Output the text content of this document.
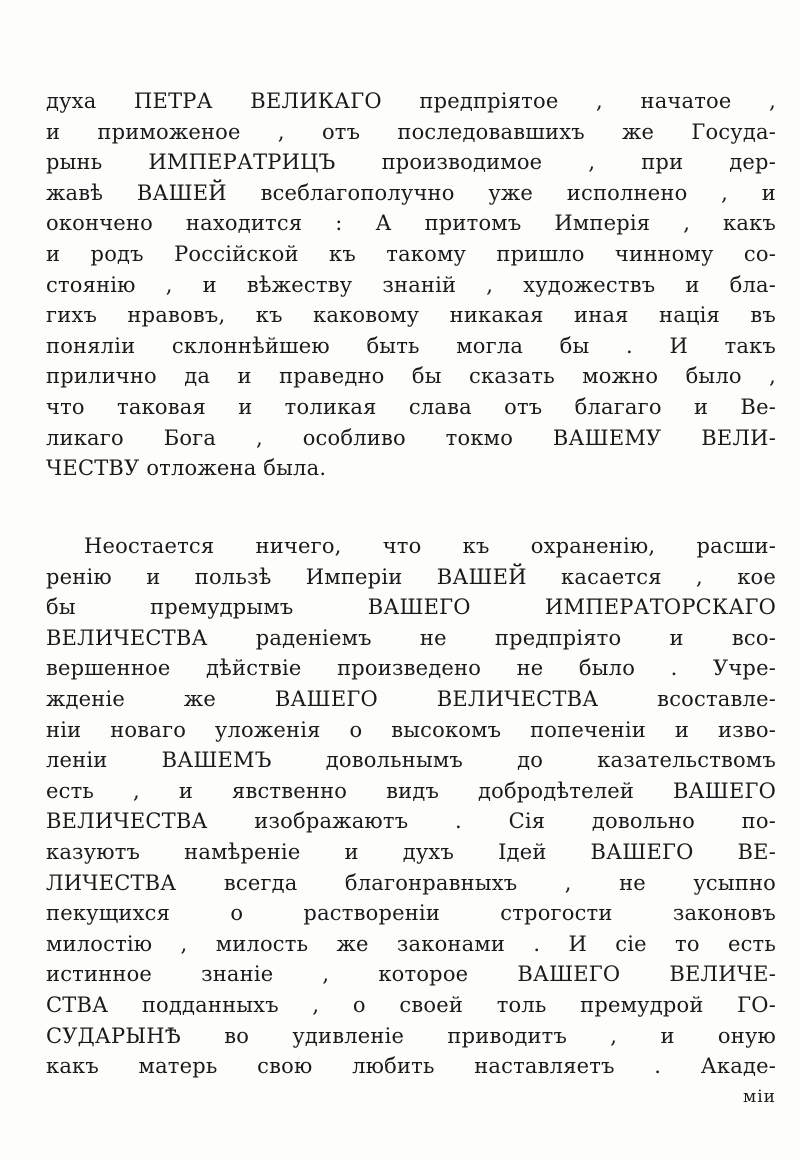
духа ПЕТРА ВЕЛИКАГО предпріятое , начатое ,
и приможеное , отъ последовавшихъ же Госуда-
рынь ИМПЕРАТРИЦЪ производимое , при дер-
жавѣ ВАШЕЙ всеблагополучно уже исполнено , и
окончено находится : А притомъ Имперія , какъ
и родъ Россійской къ такому пришло чинному со-
стоянію , и вѣжеству знаній , художествъ и бла-
гихъ нравовъ, къ каковому никакая иная нація въ
поняліи склоннѣйшею быть могла бы . И такъ
прилично да и праведно бы сказать можно было ,
что таковая и толикая слава отъ благаго и Ве-
ликаго Бога , особливо токмо ВАШЕМУ ВЕЛИ-
ЧЕСТВУ отложена была.
Неостается ничего, что къ охраненію, расши-
ренію и пользѣ Имперіи ВАШЕЙ касается , кое
бы премудрымъ ВАШЕГО ИМПЕРАТОРСКАГО
ВЕЛИЧЕСТВА раденіемъ не предпріято и всо-
вершенное дѣйствіе произведено не было . Учре-
жденіе же ВАШЕГО ВЕЛИЧЕСТВА всоставле-
ніи новаго уложенія о высокомъ попеченіи и изво-
леніи ВАШЕМЪ довольнымъ до казательствомъ
есть , и явственно видъ добродѣтелей ВАШЕГО
ВЕЛИЧЕСТВА изображаютъ . Сія довольно по-
казуютъ намѣреніе и духъ Ідей ВАШЕГО ВЕ-
ЛИЧЕСТВА всегда благонравныхъ , не усыпно
пекущихся о раствореніи строгости законовъ
милостію , милость же законами . И сіе то есть
истинное знаніе , которое ВАШЕГО ВЕЛИЧЕ-
СТВА подданныхъ , о своей толь премудрой ГО-
СУДАРЫНѢ во удивленіе приводитъ , и оную
какъ матерь свою любить наставляетъ . Акаде-
міи
